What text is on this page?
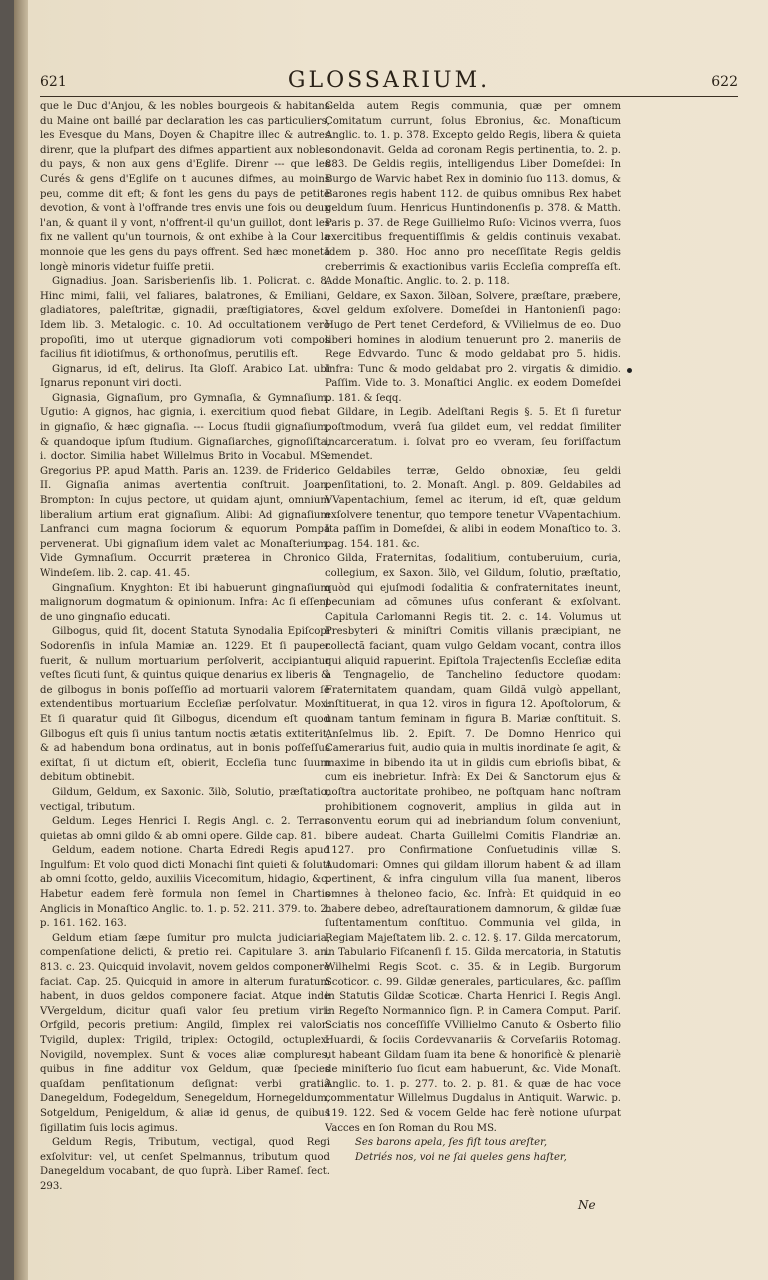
621	GLOSSARIUM.	622

que le Duc d'Anjou, & les nobles bourgeois & habitans du Maine ont baillé par declaration les cas particuliers, les Evesque du Mans, Doyen & Chapitre illec & autres direnr, que la plufpart des difmes appartient aux nobles du pays, & non aux gens d'Eglife. Direnr --- que les Curés & gens d'Eglife on t aucunes difmes, au moins peu, comme dit eft; & font les gens du pays de petite devotion, & vont à l'offrande tres envis une fois ou deux l'an, & quant il y vont, n'offrent-il qu'un guillot, dont les fix ne vallent qu'un tournois, & ont exhibe à la Cour la monnoie que les gens du pays offrent. Sed hæc moneta longè minoris videtur fuiſſe pretii.

Gignadius. Joan. Sarisberienſis lib. 1. Policrat. c. 8. Hinc mimi, falii, vel faliares, balatrones, & Emiliani, gladiatores, paleſtritæ, gignadii, præſtigiatores, &c. Idem lib. 3. Metalogic. c. 10. Ad occultationem verò propoſiti, imo ut uterque gignadiorum voti compos facilius fit idiotiſmus, & orthonoſmus, perutilis eſt.

Gignarus, id eſt, delirus. Ita Gloſſ. Arabico Lat. ubi Ignarus reponunt viri docti.

Gignasia, Gignaſium, pro Gymnaſia, & Gymnaſium. Ugutio: A gignos, hac gignia, i. exercitium quod fiebat in gignaſio, & hæc gignaſia. --- Locus ſtudii gignaſium, & quandoque ipſum ſtudium. Gignaſiarches, gignoſiſta, i. doctor. Similia habet Willelmus Brito in Vocabul. MS. Gregorius PP. apud Matth. Paris an. 1239. de Friderico II. Gignaſia animas avertentia conſtruit. Joan. Brompton: In cujus pectore, ut quidam ajunt, omnium liberalium artium erat gignaſium. Alibi: Ad gignaſium Lanfranci cum magna ſociorum & equorum Pompa pervenerat. Ubi gignaſium idem valet ac Monaſterium. Vide Gymnaſium. Occurrit præterea in Chronico Windeſem. lib. 2. cap. 41. 45.

Gingnaſium. Knyghton: Et ibi habuerunt gingnaſium malignorum dogmatum & opinionum. Infra: Ac ſi eſſent de uno gingnaſio educati.

Gilbogus, quid ſit, docent Statuta Synodalia Epiſcopi Sodorenſis in inſula Mamiæ an. 1229. Et ſi pauper fuerit, & nullum mortuarium perſolverit, accipiantur veſtes ſicuti ſunt, & quintus quique denarius ex liberis & de gilbogus in bonis poſſeſſio ad mortuarii valorem ſe extendentibus mortuarium Eccleſiæ perſolvatur. Mox: Et ſi quaratur quid ſit Gilbogus, dicendum eſt quod Gilbogus eſt quis ſi unius tantum noctis ætatis extiterit, & ad habendum bona ordinatus, aut in bonis poſſeſſus exiſtat, ſi ut dictum eſt, obierit, Eccleſia tunc ſuum debitum obtinebit.

Gildum, Geldum, ex Saxonic. Ʒilꝺ, Solutio, præſtatio, vectigal, tributum.

Geldum. Leges Henrici I. Regis Angl. c. 2. Terras quietas ab omni gildo & ab omni opere. Gilde cap. 81.

Geldum, eadem notione. Charta Edredi Regis apud Ingulfum: Et volo quod dicti Monachi ſint quieti & ſoluti ab omni ſcotto, geldo, auxiliis Vicecomitum, hidagio, &c. Habetur eadem ferè formula non ſemel in Chartis Anglicis in Monaſtico Anglic. to. 1. p. 52. 211. 379. to. 2. p. 161. 162. 163.

Geldum etiam ſæpe ſumitur pro mulcta judiciaria, compenſatione delicti, & pretio rei. Capitulare 3. an. 813. c. 23. Quicquid involavit, novem geldos componere faciat. Cap. 25. Quicquid in amore in alterum furatum habent, in duos geldos componere faciat. Atque inde VVergeldum, dicitur quaſi valor ſeu pretium viri: Orfgild, pecoris pretium: Angild, ſimplex rei valor: Tvigild, duplex: Trigild, triplex: Octogild, octuplex: Novigild, novemplex. Sunt & voces aliæ complures, quibus in fine additur vox Geldum, quæ ſpecies quaſdam penſitationum deſignat: verbi gratiâ Danegeldum, Fodegeldum, Senegeldum, Hornegeldum, Sotgeldum, Penigeldum, & aliæ id genus, de quibus ſigillatim ſuis locis agimus.

Geldum Regis, Tributum, vectigal, quod Regi exſolvitur: vel, ut cenſet Spelmannus, tributum quod Danegeldum vocabant, de quo ſuprà. Liber Rameſ. ſect. 293.

Gelda autem Regis communia, quæ per omnem Comitatum currunt, ſolus Ebronius, &c. Monaſticum Anglic. to. 1. p. 378. Excepto geldo Regis, libera & quieta condonavit. Gelda ad coronam Regis pertinentia, to. 2. p. 883. De Geldis regiis, intelligendus Liber Domeſdei: In Burgo de Warvic habet Rex in dominio ſuo 113. domus, & Barones regis habent 112. de quibus omnibus Rex habet geldum ſuum. Henricus Huntindonenſis p. 378. & Matth. Paris p. 37. de Rege Guillielmo Ruſo: Vicinos vverra, ſuos exercitibus frequentiſſimis & geldis continuis vexabat. Idem p. 380. Hoc anno pro neceſſitate Regis geldis creberrimis & exactionibus variis Eccleſia compreſſa eſt. Adde Monaſtic. Anglic. to. 2. p. 118.

Geldare, ex Saxon. Ʒilꝺan, Solvere, præſtare, præbere, vel geldum exſolvere. Domeſdei in Hantonienſi pago: Hugo de Pert tenet Cerdeford, & VVilielmus de eo. Duo liberi homines in alodium tenuerunt pro 2. maneriis de Rege Edvvardo. Tunc & modo geldabat pro 5. hidis. Infra: Tunc & modo geldabat pro 2. virgatis & dimidio. Paſſim. Vide to. 3. Monaſtici Anglic. ex eodem Domeſdei p. 181. & ſeqq.

Gildare, in Legib. Adelſtani Regis §. 5. Et ſi furetur poſtmodum, vverâ ſua gildet eum, vel reddat ſimiliter incarceratum. i. ſolvat pro eo vveram, ſeu foriſfactum emendet.

Geldabiles terræ, Geldo obnoxiæ, ſeu geldi penſitationi, to. 2. Monaſt. Angl. p. 809. Geldabiles ad VVapentachium, ſemel ac iterum, id eſt, quæ geldum exſolvere tenentur, quo tempore tenetur VVapentachium. Ita paſſim in Domeſdei, & alibi in eodem Monaſtico to. 3. pag. 154. 181. &c.

Gilda, Fraternitas, ſodalitium, contuberuium, curia, collegium, ex Saxon. Ʒilꝺ, vel Gildum, ſolutio, præſtatio, quòd qui ejuſmodi ſodalitia & confraternitates ineunt, pecuniam ad cõmunes uſus conferant & exſolvant. Capitula Carlomanni Regis tit. 2. c. 14. Volumus ut Presbyteri & miniſtri Comitis villanis præcipiant, ne collectã faciant, quam vulgo Geldam vocant, contra illos qui aliquid rapuerint. Epiſtola Trajectenſis Eccleſiæ edita à Tengnagelio, de Tanchelino ſeductore quodam: Fraternitatem quandam, quam Gildã vulgò appellant, inſtituerat, in qua 12. viros in figura 12. Apoſtolorum, & unam tantum feminam in figura B. Mariæ conſtituit. S. Anſelmus lib. 2. Epiſt. 7. De Domno Henrico qui Camerarius fuit, audio quia in multis inordinate ſe agit, & maxime in bibendo ita ut in gildis cum ebrioſis bibat, & cum eis inebrietur. Infrà: Ex Dei & Sanctorum ejus & noſtra auctoritate prohibeo, ne poſtquam hanc noſtram prohibitionem cognoverit, amplius in gilda aut in conventu eorum qui ad inebriandum ſolum conveniunt, bibere audeat. Charta Guillelmi Comitis Flandriæ an. 1127. pro Confirmatione Conſuetudinis villæ S. Audomari: Omnes qui gildam illorum habent & ad illam pertinent, & infra cingulum villa ſua manent, liberos omnes à theloneo facio, &c. Infrà: Et quidquid in eo habere debeo, adreſtaurationem damnorum, & gildæ ſuæ ſuſtentamentum conſtituo. Communia vel gilda, in Regiam Majeſtatem lib. 2. c. 12. §. 17. Gilda mercatorum, in Tabulario Fiſcanenſi f. 15. Gilda mercatoria, in Statutis Wilhelmi Regis Scot. c. 35. & in Legib. Burgorum Scoticor. c. 99. Gildæ generales, particulares, &c. paſſim in Statutis Gildæ Scoticæ. Charta Henrici I. Regis Angl. in Regeſto Normannico ſign. P. in Camera Comput. Pariſ. Sciatis nos conceſſiſſe VVillielmo Canuto & Osberto filio Huardi, & ſociis Cordevvanariis & Corveſariis Rotomag. ut habeant Gildam ſuam ita bene & honorificè & plenariè de miniſterio ſuo ſicut eam habuerunt, &c. Vide Monaſt. Anglic. to. 1. p. 277. to. 2. p. 81. & quæ de hac voce commentatur Willelmus Dugdalus in Antiquit. Warwic. p. 119. 122. Sed & vocem Gelde hac ferè notione uſurpat Vacces en ſon Roman du Rou MS.

Ses barons apela, ſes fiſt tous areſter,

Detriés nos, voi ne ſai queles gens haſter,

Ne
